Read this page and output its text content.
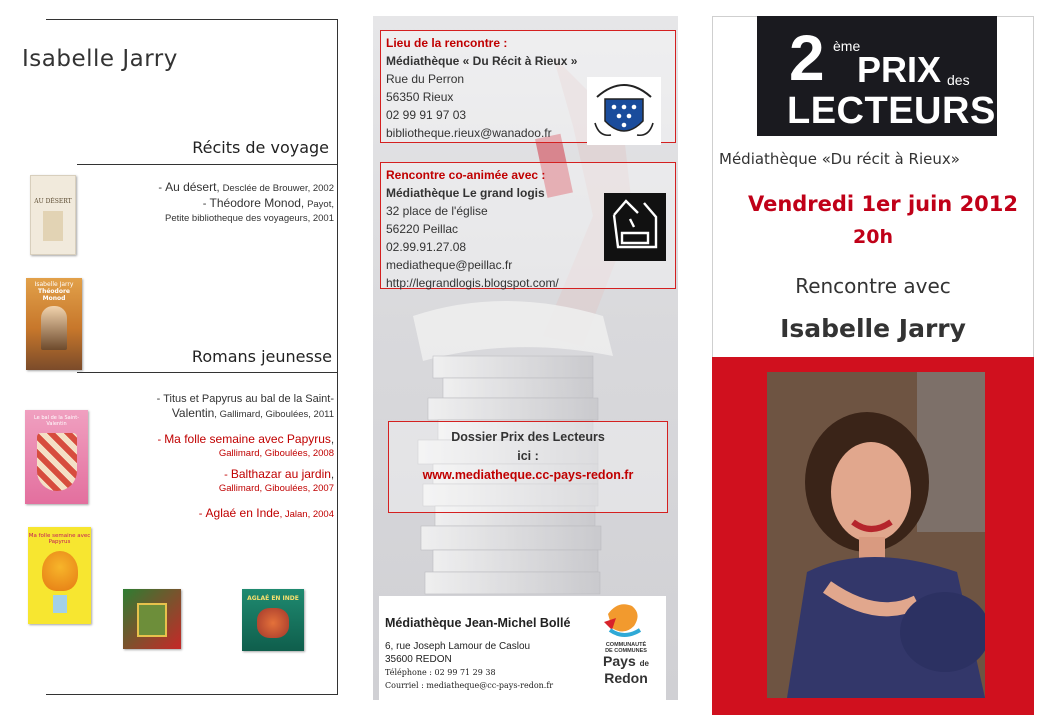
Isabelle Jarry
Récits de voyage
- Au désert, Desclée de Brouwer, 2002
- Théodore Monod, Payot,
Petite bibliotheque des voyageurs, 2001
AU DÉSERT
Isabelle Jarry
Théodore Monod
Romans jeunesse
- Titus et Papyrus au bal de la Saint-
Valentin, Gallimard, Giboulées, 2011
- Ma folle semaine avec Papyrus,
Gallimard, Giboulées, 2008
- Balthazar au jardin,
Gallimard, Giboulées, 2007
- Aglaé en Inde, Jalan, 2004
Le bal de la Saint-Valentin
Ma folle semaine avec Papyrus
AGLAÉ EN INDE
Lieu de la rencontre :
Médiathèque « Du Récit à Rieux »
Rue du Perron
56350 Rieux
02 99 91 97 03
bibliotheque.rieux@wanadoo.fr
Rencontre co-animée avec :
Médiathèque Le grand logis
32 place de l'église
56220 Peillac
02.99.91.27.08
mediatheque@peillac.fr
http://legrandlogis.blogspot.com/
Dossier Prix des Lecteurs
ici :
www.mediatheque.cc-pays-redon.fr
Médiathèque Jean-Michel Bollé
6, rue Joseph Lamour de Caslou
35600 REDON
Téléphone : 02 99 71 29 38
Courriel : mediatheque@cc-pays-redon.fr
COMMUNAUTÉ
DE COMMUNES
Pays de
Redon
2 ème
PRIX des
LECTEURS
Médiathèque «Du récit à Rieux»
Vendredi 1er juin 2012
20h
Rencontre avec
Isabelle Jarry
